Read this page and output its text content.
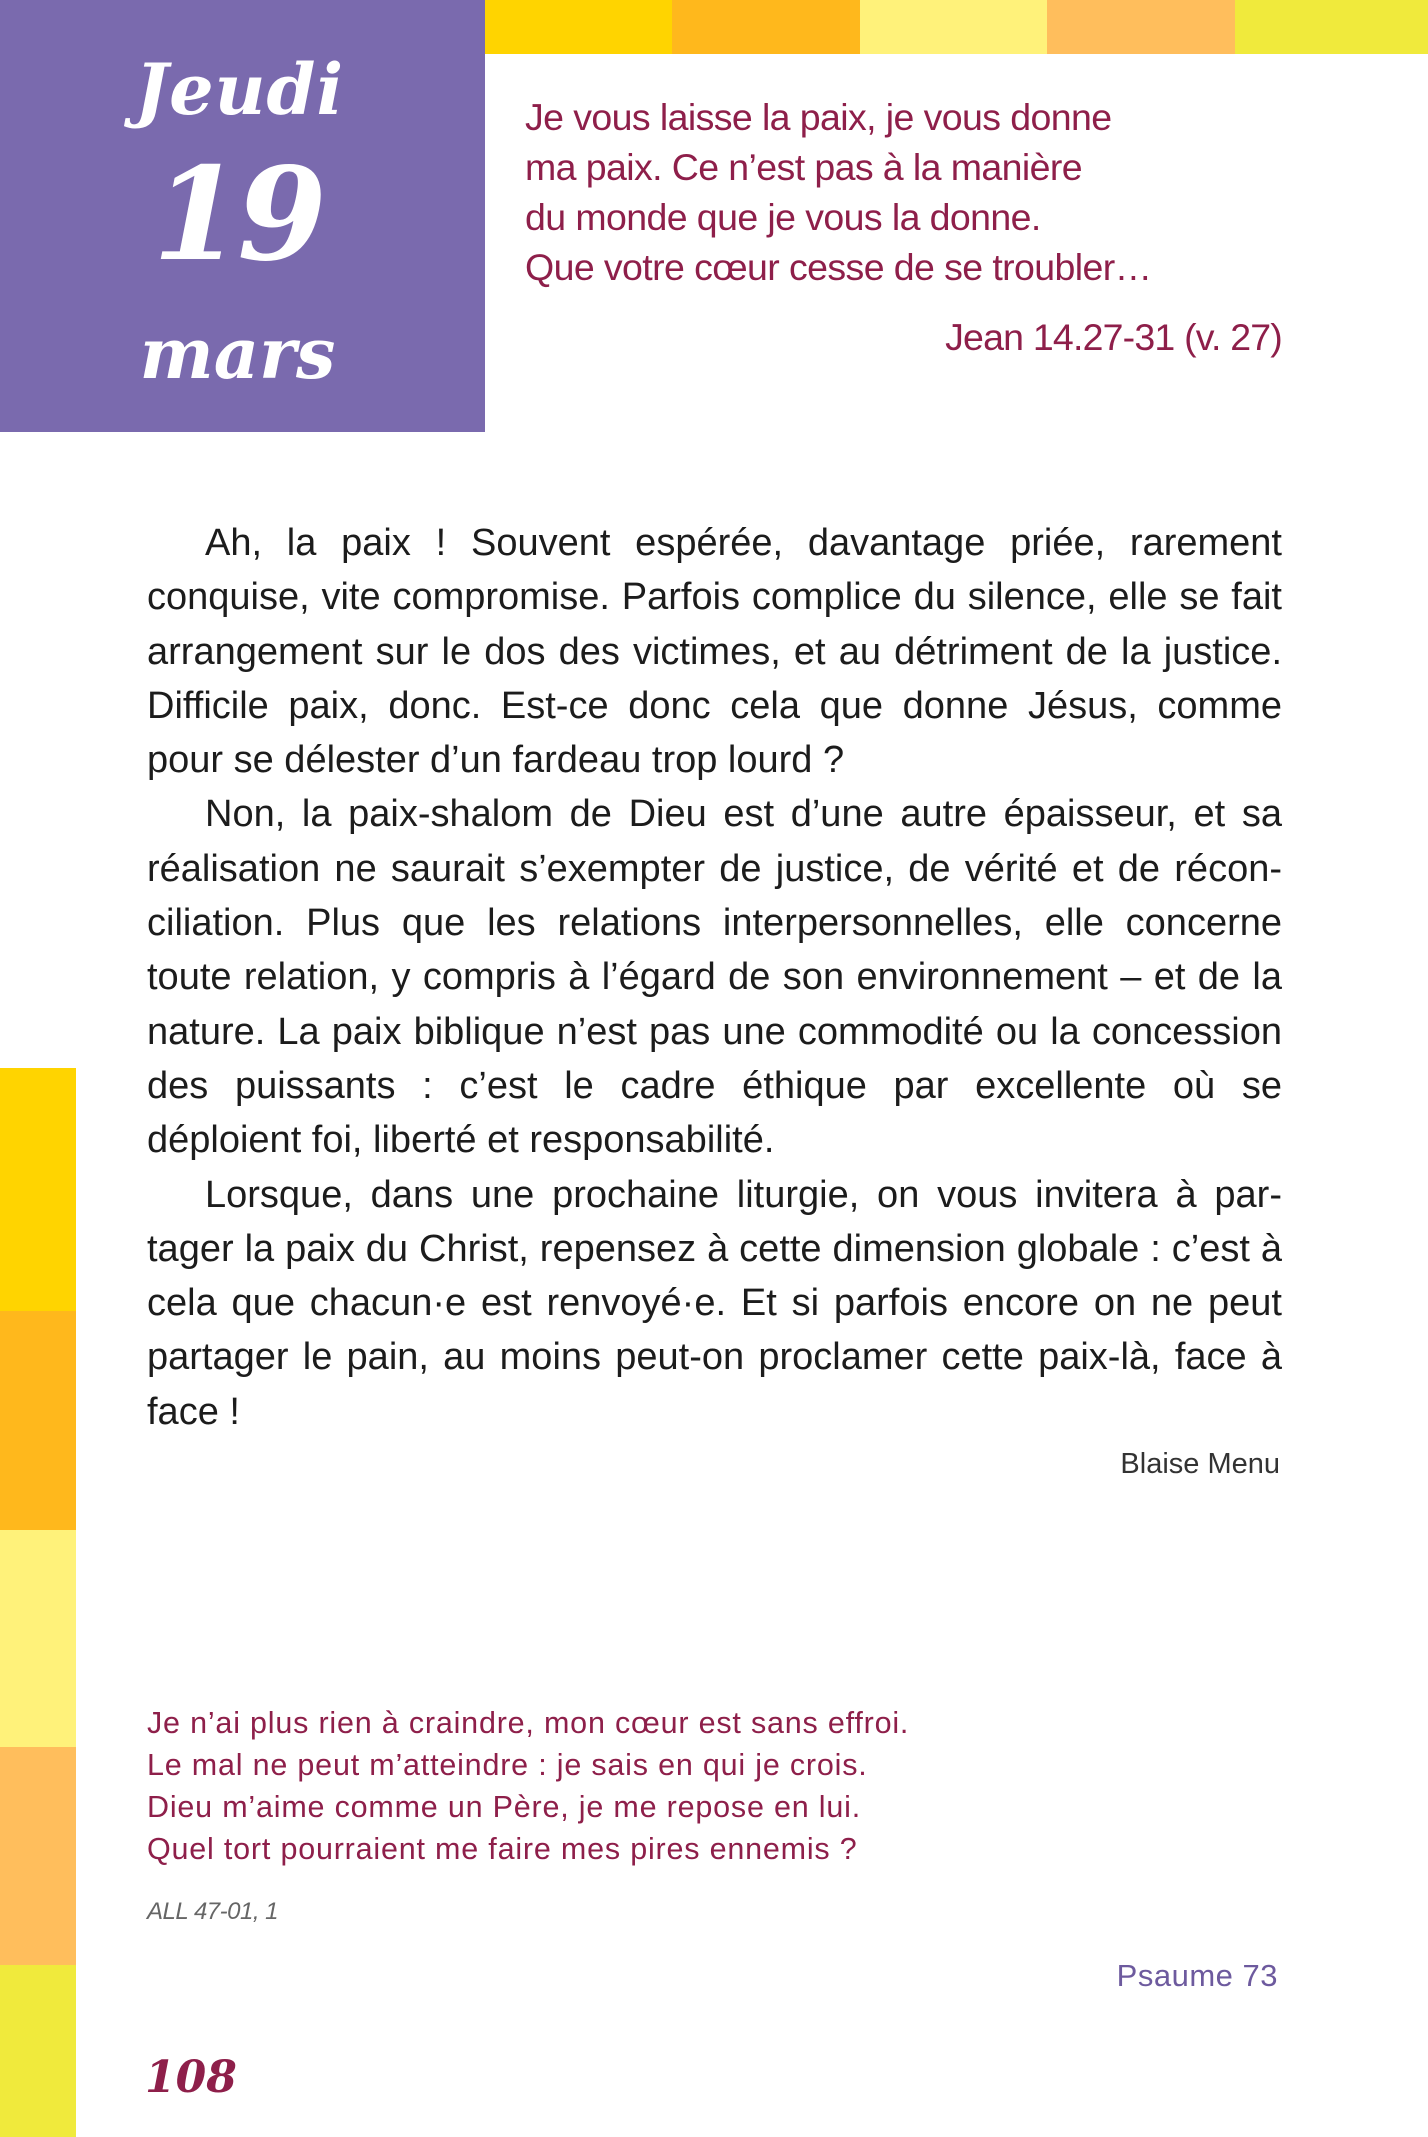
Jeudi
19
mars
Je vous laisse la paix, je vous donne
ma paix. Ce n’est pas à la manière
du monde que je vous la donne.
Que votre cœur cesse de se troubler…
Jean 14.27-31 (v. 27)

Ah, la paix ! Souvent espérée, davantage priée, rarement conquise, vite compromise. Parfois complice du silence, elle se fait arrangement sur le dos des victimes, et au détriment de la justice. Difficile paix, donc. Est-ce donc cela que donne Jésus, comme pour se délester d’un fardeau trop lourd ?

Non, la paix-shalom de Dieu est d’une autre épaisseur, et sa réalisation ne saurait s’exempter de justice, de vérité et de réconciliation. Plus que les relations interpersonnelles, elle concerne toute relation, y compris à l’égard de son environnement – et de la nature. La paix biblique n’est pas une commodité ou la concession des puissants : c’est le cadre éthique par excellente où se déploient foi, liberté et responsabilité.

Lorsque, dans une prochaine liturgie, on vous invitera à partager la paix du Christ, repensez à cette dimension globale : c’est à cela que chacun·e est renvoyé·e. Et si parfois encore on ne peut partager le pain, au moins peut-on proclamer cette paix-là, face à face !

Blaise Menu
Je n’ai plus rien à craindre, mon cœur est sans effroi.
Le mal ne peut m’atteindre : je sais en qui je crois.
Dieu m’aime comme un Père, je me repose en lui.
Quel tort pourraient me faire mes pires ennemis ?
ALL 47-01, 1
Psaume 73
108
